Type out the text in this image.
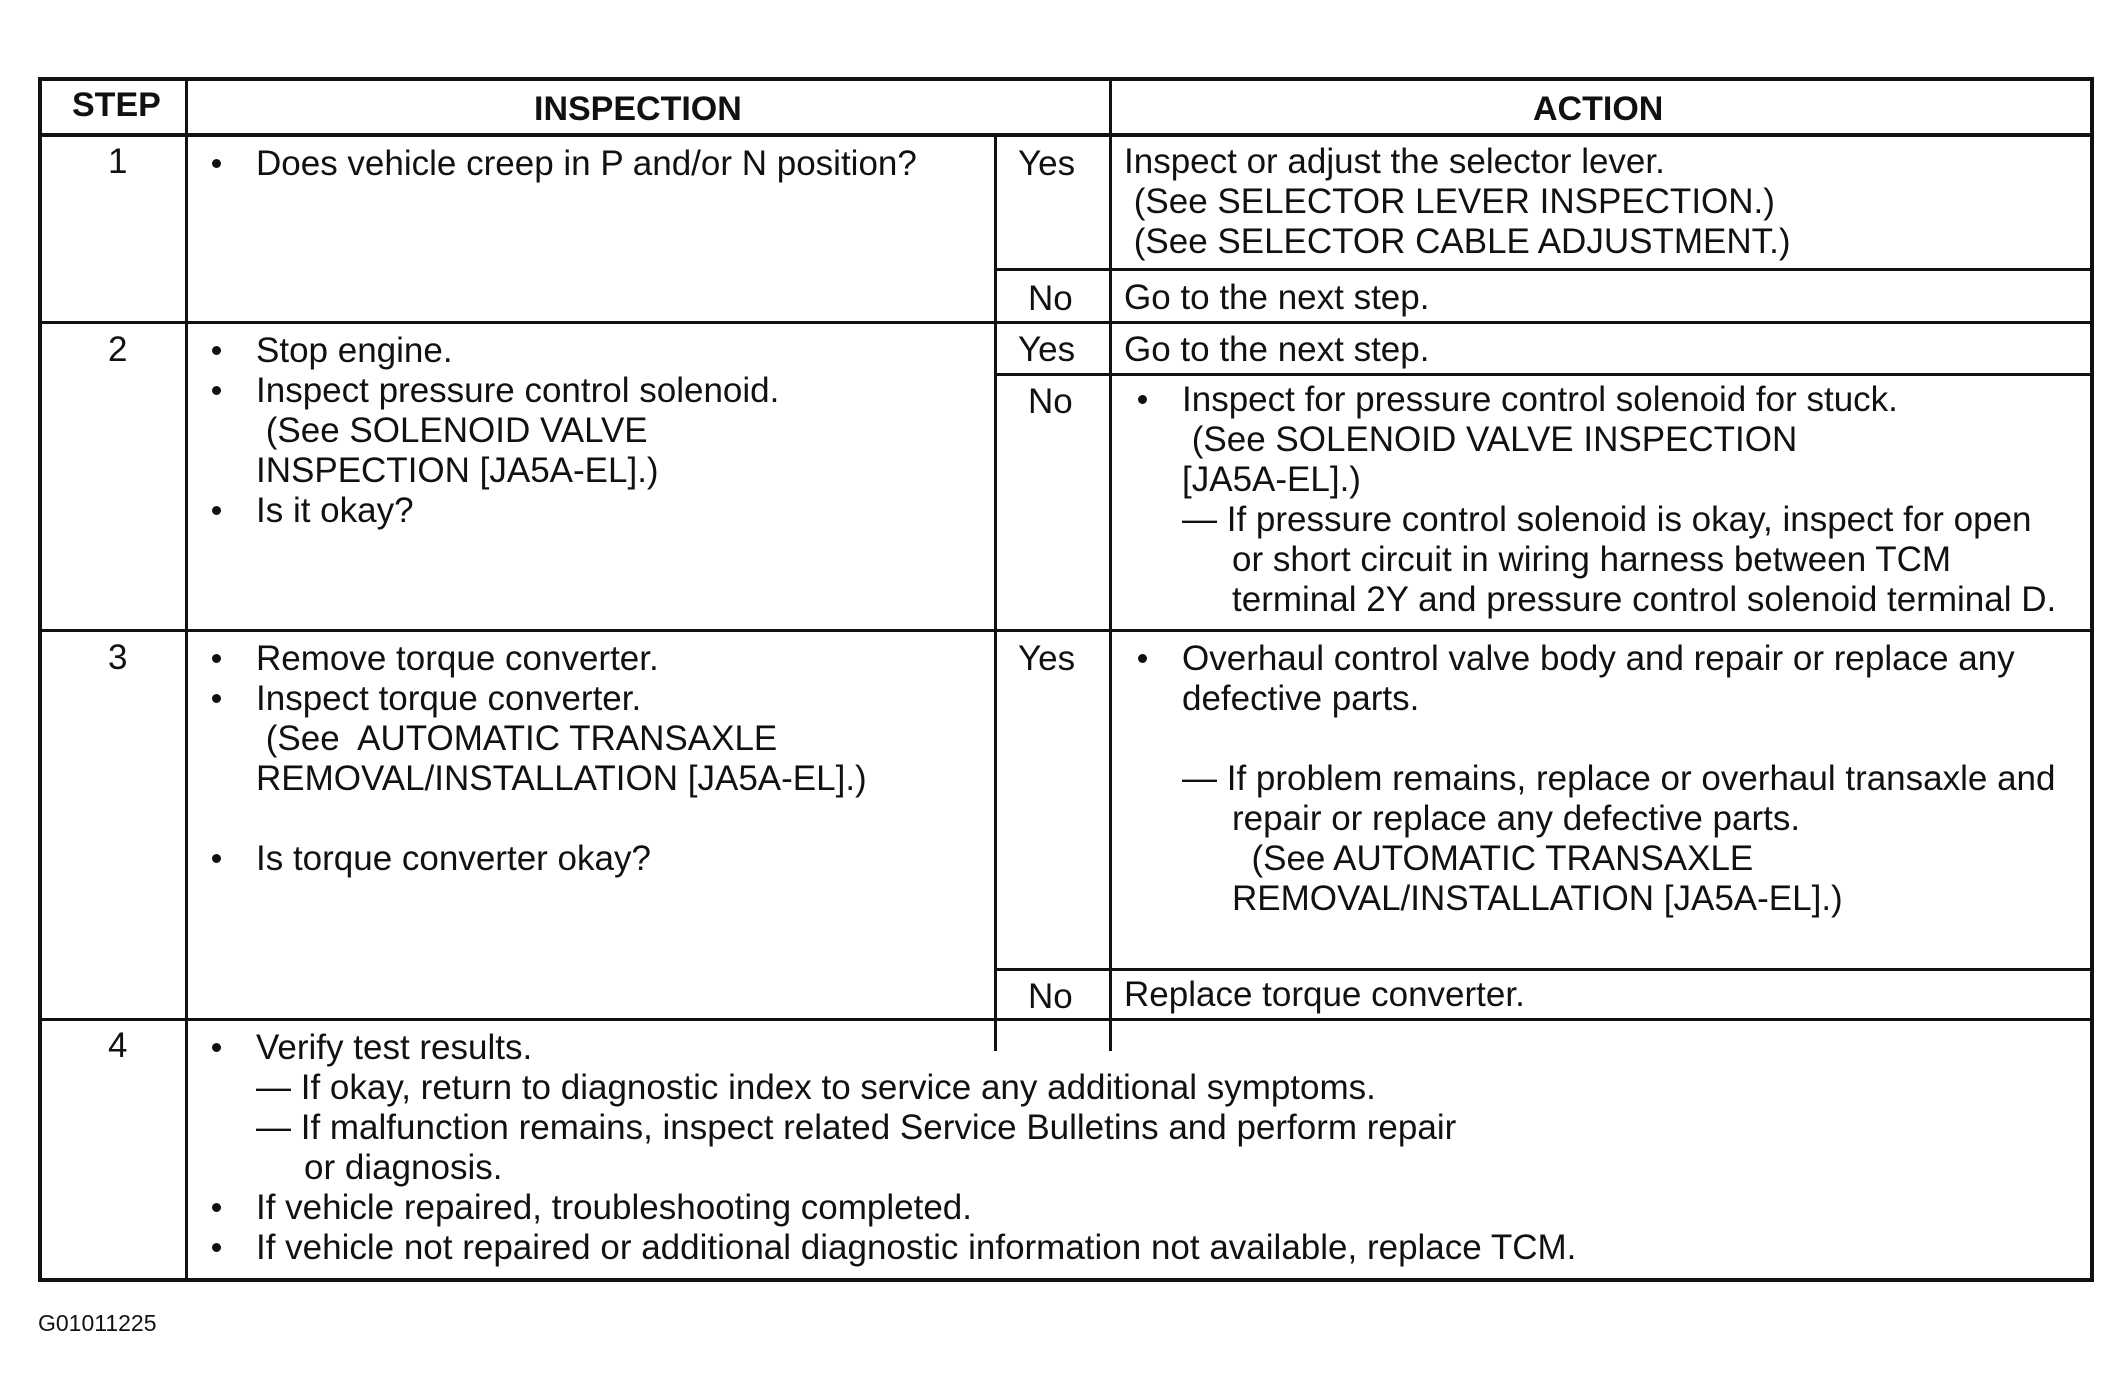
STEP	INSPECTION	ACTION
1	Does vehicle creep in P and/or N position?	Yes Inspect or adjust the selector lever.
(See SELECTOR LEVER INSPECTION.)
(See SELECTOR CABLE ADJUSTMENT.)
No Go to the next step.
2	Stop engine.
Inspect pressure control solenoid.
(See SOLENOID VALVE
INSPECTION [JA5A-EL].)
Is it okay?
Yes Go to the next step.
No	Inspect for pressure control solenoid for stuck.
(See SOLENOID VALVE INSPECTION
[JA5A-EL].)
— If pressure control solenoid is okay, inspect for open
or short circuit in wiring harness between TCM
terminal 2Y and pressure control solenoid terminal D.
3	Remove torque converter.
Inspect torque converter.
(See  AUTOMATIC TRANSAXLE
REMOVAL/INSTALLATION [JA5A-EL].)
Is torque converter okay?
Yes	Overhaul control valve body and repair or replace any
defective parts.
— If problem remains, replace or overhaul transaxle and
repair or replace any defective parts.
(See AUTOMATIC TRANSAXLE
REMOVAL/INSTALLATION [JA5A-EL].)
No Replace torque converter.
4	Verify test results.
— If okay, return to diagnostic index to service any additional symptoms.
— If malfunction remains, inspect related Service Bulletins and perform repair
or diagnosis.
If vehicle repaired, troubleshooting completed.
If vehicle not repaired or additional diagnostic information not available, replace TCM.
G01011225
